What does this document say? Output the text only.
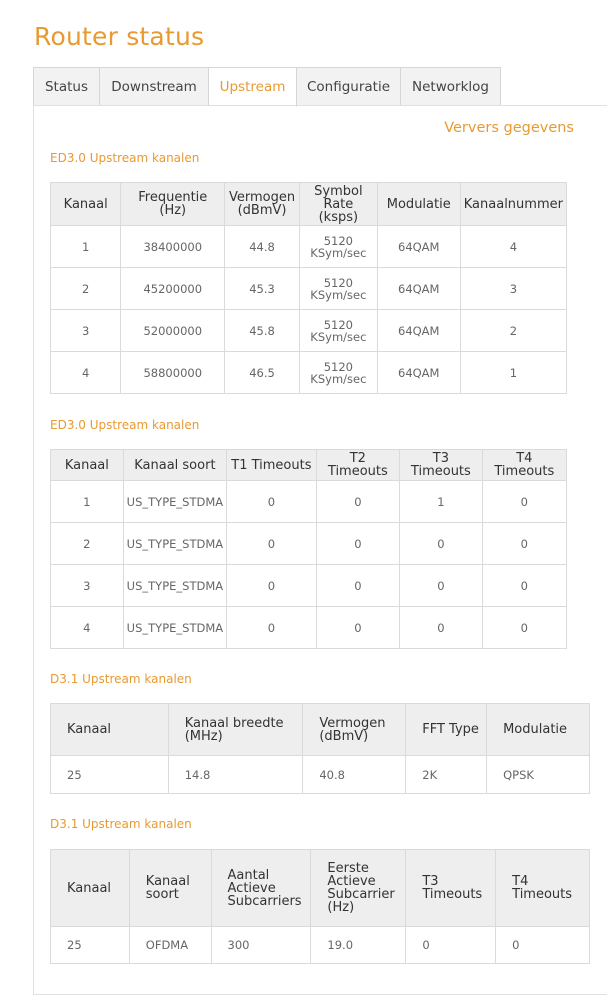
Router status
Status	Downstream	Upstream	Configuratie	Networklog
Ververs gegevens
ED3.0 Upstream kanalen
Kanaal	Frequentie (Hz)	Vermogen (dBmV)	Symbol Rate (ksps)	Modulatie	Kanaalnummer
1	38400000	44.8	5120 KSym/sec	64QAM	4
2	45200000	45.3	5120 KSym/sec	64QAM	3
3	52000000	45.8	5120 KSym/sec	64QAM	2
4	58800000	46.5	5120 KSym/sec	64QAM	1
ED3.0 Upstream kanalen
Kanaal	Kanaal soort	T1 Timeouts	T2 Timeouts	T3 Timeouts	T4 Timeouts
1	US_TYPE_STDMA	0	0	1	0
2	US_TYPE_STDMA	0	0	0	0
3	US_TYPE_STDMA	0	0	0	0
4	US_TYPE_STDMA	0	0	0	0
D3.1 Upstream kanalen
Kanaal	Kanaal breedte (MHz)	Vermogen (dBmV)	FFT Type	Modulatie
25	14.8	40.8	2K	QPSK
D3.1 Upstream kanalen
Kanaal	Kanaal soort	Aantal Actieve Subcarriers	Eerste Actieve Subcarrier (Hz)	T3 Timeouts	T4 Timeouts
25	OFDMA	300	19.0	0	0
